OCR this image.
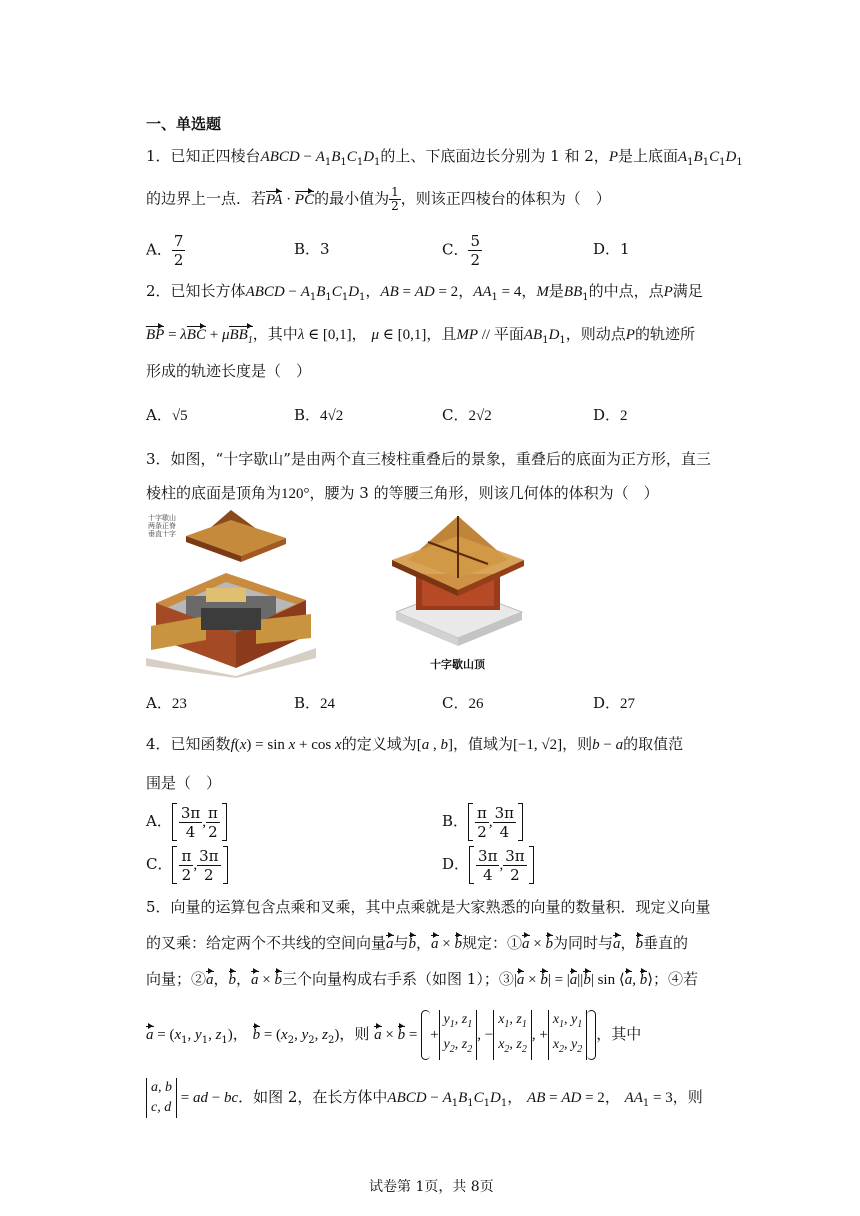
一、单选题
1．已知正四棱台ABCD − $A_1B_1C_1D_1$的上、下底面边长分别为 1 和 2，P是上底面$A_1B_1C_1D_1$
的边界上一点．若PA · PC的最小值为 $\frac{1}{2}$ ，则该正四棱台的体积为（　）
A． $\frac{7}{2}$	B．3	C． $\frac{5}{2}$	D．1
2．已知长方体ABCD − $A_1B_1C_1D_1$，AB = AD = 2，$AA_1 = 4$，M是$BB_1$的中点，点P满足
BP = λBC + μBB$_1$，其中λ ∈ [0,1]， μ ∈ [0,1]，且MP // 平面$AB_1D_1$，则动点P的轨迹所
形成的轨迹长度是（　）
A．√5	B．4√2	C．2√2	D．2
3．如图，“十字歇山”是由两个直三棱柱重叠后的景象，重叠后的底面为正方形，直三
棱柱的底面是顶角为120°，腰为 3 的等腰三角形，则该几何体的体积为（　）
十字歇山 两条正脊 垂直十字
十字歇山顶
A．23	B．24	C．26	D．27
4．已知函数f(x) = sin x + cos x的定义域为[a , b]，值域为[−1, √2]，则b − a的取值范
围是（　）
A． $\frac{3\pi}{4}$ , $\frac{\pi}{2}$	B． $\frac{\pi}{2}$ , $\frac{3\pi}{4}$
C． $\frac{\pi}{2}$ , $\frac{3\pi}{2}$	D． $\frac{3\pi}{4}$ , $\frac{3\pi}{2}$
5．向量的运算包含点乘和叉乘，其中点乘就是大家熟悉的向量的数量积．现定义向量
的叉乘：给定两个不共线的空间向量a与b，a × b规定：①a × b为同时与a，b垂直的
向量；②a，b，a × b三个向量构成右手系（如图 1）；③|a × b| = |a||b| sin ⟨a, b⟩；④若
$a = (x_1$, $y_1$, $z_1$)， $b = (x_2$, $y_2$, $z_2$)，则 a × b = +
$y_1$, $z_1$
$y_2$, $z_2$
, −
$x_1$, $z_1$
$x_2$, $z_2$
, +
$x_1$, $y_1$
$x_2$, $y_2$
，其中
a, b
c, d
= ad − bc．如图 2，在长方体中ABCD − $A_1B_1C_1D_1$， AB = AD = 2， $AA_1 = 3$，则
试卷第 1页，共 8页
